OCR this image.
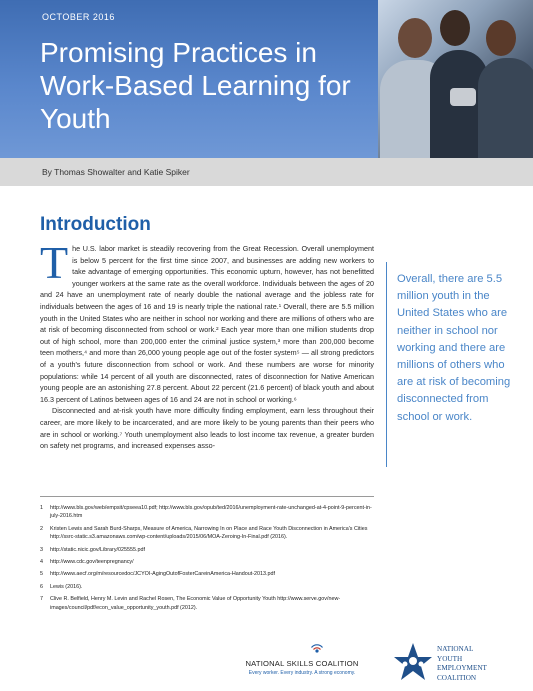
OCTOBER 2016
Promising Practices in Work-Based Learning for Youth
By Thomas Showalter and Katie Spiker
Introduction

The U.S. labor market is steadily recovering from the Great Recession. Overall unemployment is below 5 percent for the first time since 2007, and businesses are adding new workers to take advantage of emerging opportunities. This economic upturn, however, has not benefitted younger workers at the same rate as the overall workforce. Individuals between the ages of 20 and 24 have an unemployment rate of nearly double the national average and the jobless rate for individuals between the ages of 16 and 19 is nearly triple the national rate.¹ Overall, there are 5.5 million youth in the United States who are neither in school nor working and there are millions of others who are at risk of becoming disconnected from school or work.² Each year more than one million students drop out of high school, more than 200,000 enter the criminal justice system,³ more than 200,000 become teen mothers,⁴ and more than 26,000 young people age out of the foster system⁵ — all strong predictors of a youth's future disconnection from school or work. And these numbers are worse for minority populations: while 14 percent of all youth are disconnected, rates of disconnection for Native American young people are an astonishing 27.8 percent. About 22 percent (21.6 percent) of black youth and about 16.3 percent of Latinos between ages of 16 and 24 are not in school or working.⁶

Disconnected and at-risk youth have more difficulty finding employment, earn less throughout their career, are more likely to be incarcerated, and are more likely to be young parents than their peers who are in school or working.⁷ Youth unemployment also leads to lost income tax revenue, a greater burden on safety net programs, and increased expenses asso-

Overall, there are 5.5 million youth in the United States who are neither in school nor working and there are millions of others who are at risk of becoming disconnected from school or work.
1	http://www.bls.gov/web/empsit/cpseea10.pdf; http://www.bls.gov/opub/ted/2016/unemployment-rate-unchanged-at-4-point-9-percent-in-july-2016.htm
2	Kristen Lewis and Sarah Burd-Sharps, Measure of America, Narrowing In on Place and Race Youth Disconnection in America's Cities http://ssrc-static.s3.amazonaws.com/wp-content/uploads/2015/06/MOA-Zeroing-In-Final.pdf (2016).
3	http://static.nicic.gov/Library/025555.pdf
4	http://www.cdc.gov/teenpregnancy/
5	http://www.aecf.org/m/resourcedoc/JCYOI-AgingOutofFosterCareinAmerica-Handout-2013.pdf
6	Lewis (2016).
7	Clive R. Belfield, Henry M. Levin and Rachel Rosen, The Economic Value of Opportunity Youth http://www.serve.gov/new-images/council/pdf/econ_value_opportunity_youth.pdf (2012).
NATIONAL SKILLS COALITION
Every worker. Every industry. A strong economy.
NATIONAL
YOUTH
EMPLOYMENT
COALITION
